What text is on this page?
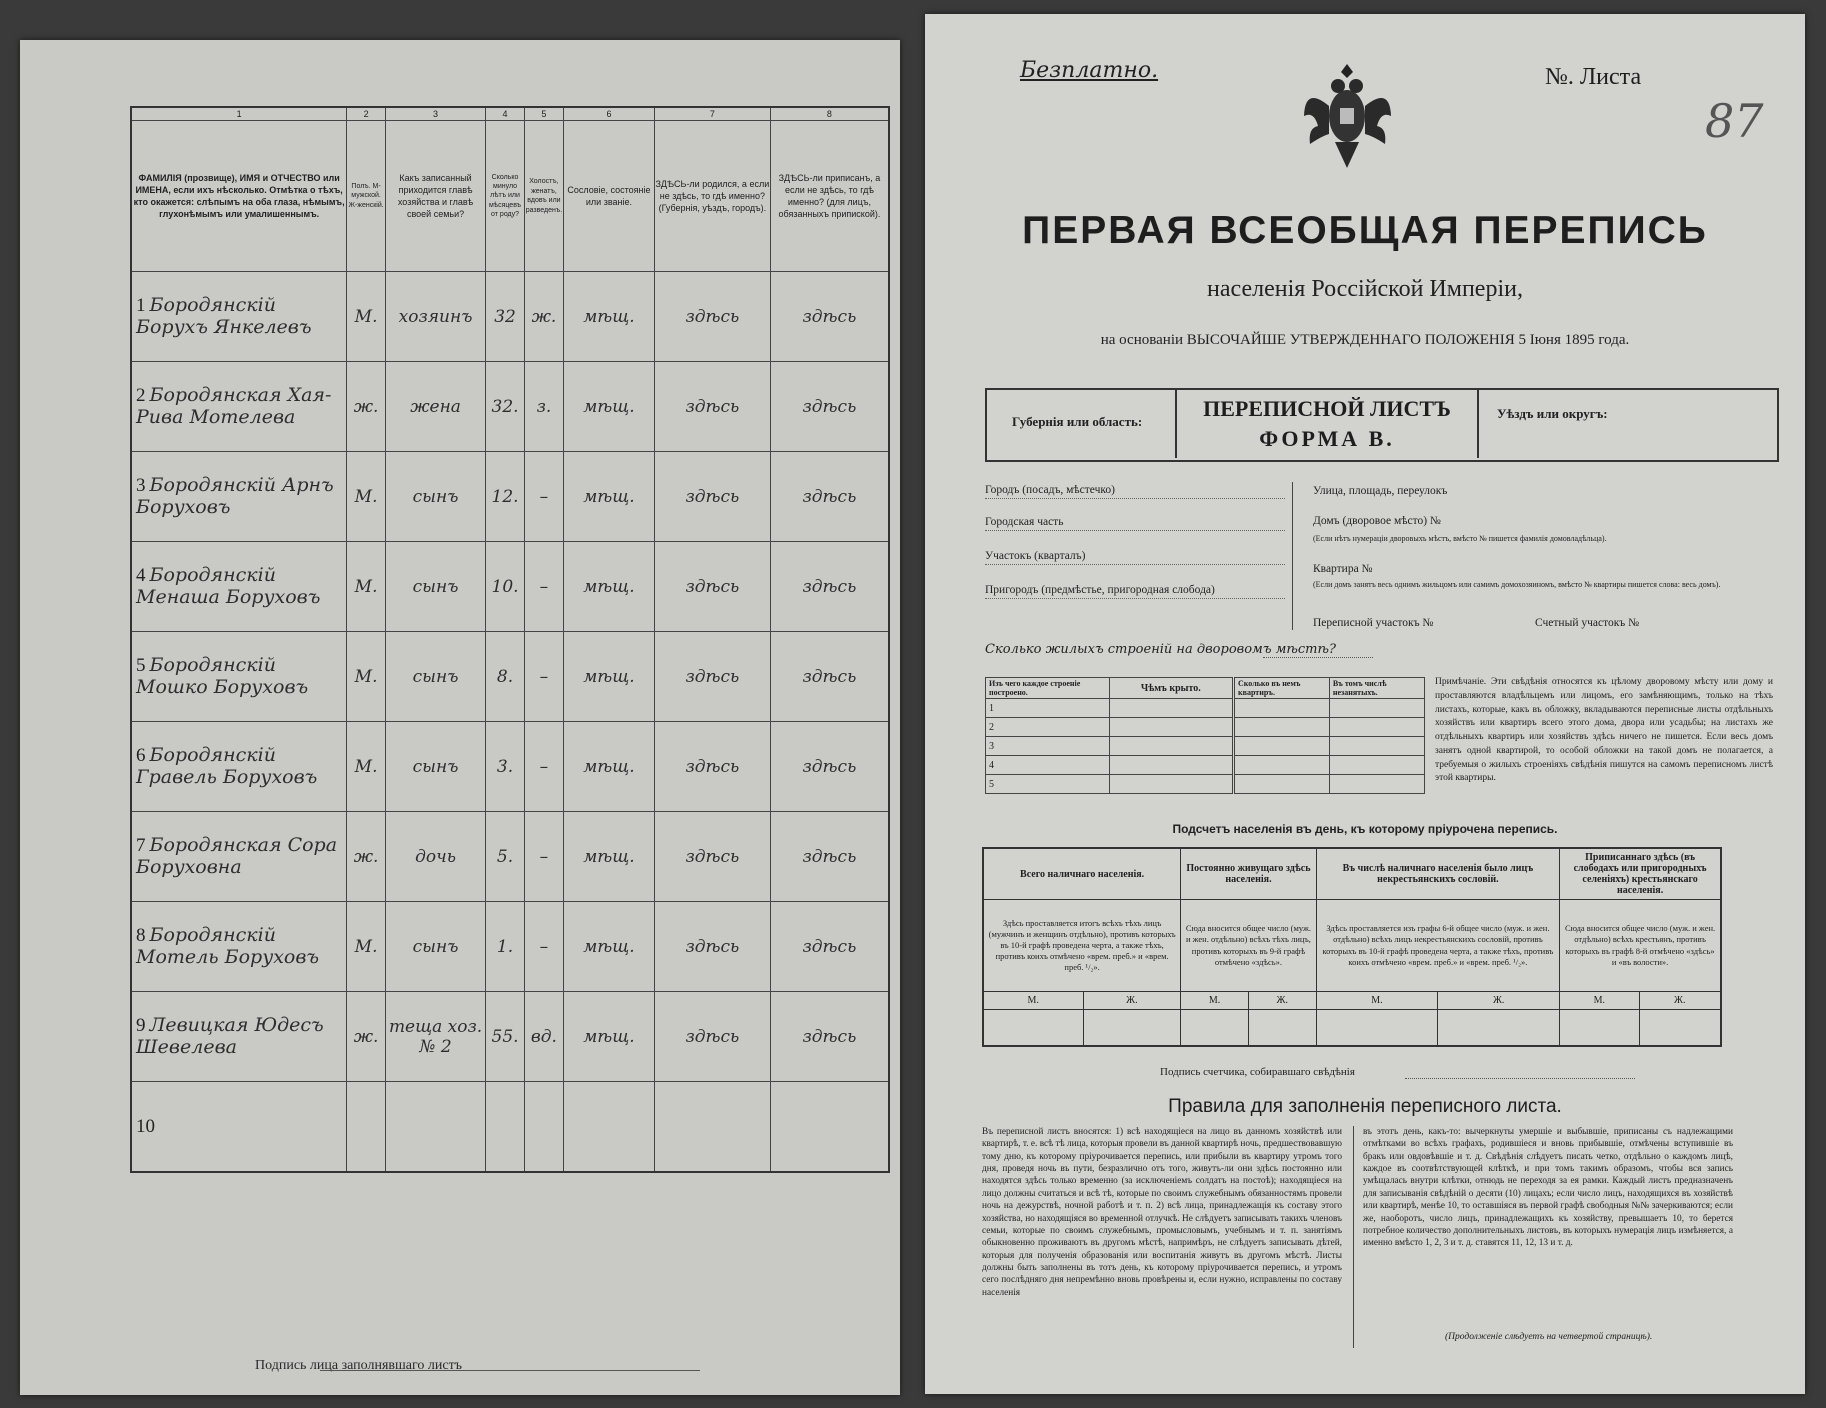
1	2	3	4	5	6	7	8
ФАМИЛІЯ (прозвище), ИМЯ и ОТЧЕСТВО или ИМЕНА, если ихъ нѣсколько. Отмѣтка о тѣхъ, кто окажется: слѣпымъ на оба глаза, нѣмымъ, глухонѣмымъ или умалишеннымъ.	Полъ. М-мужской. Ж-женскій.	Какъ записанный приходится главѣ хозяйства и главѣ своей семьи?	Сколько минуло лѣтъ или мѣсяцевъ от роду?	Холостъ, женатъ, вдовъ или разведенъ.	Сословіе, состояніе или званіе.	ЗДѢСЬ-ли родился, а если не здѣсь, то гдѣ именно? (Губернія, уѣздъ, городъ).	ЗДѢСЬ-ли приписанъ, а если не здѣсь, то гдѣ именно? (для лицъ, обязанныхъ припиской).
1 Бородянскій Борухъ Янкелевъ	М.	хозяинъ	32	ж.	мѣщ.	здѣсь	здѣсь
2 Бородянская Хая-Рива Мотелева	ж.	жена	32.	з.	мѣщ.	здѣсь	здѣсь
3 Бородянскій Арнъ Боруховъ	М.	сынъ	12.	–	мѣщ.	здѣсь	здѣсь
4 Бородянскій Менаша Боруховъ	М.	сынъ	10.	–	мѣщ.	здѣсь	здѣсь
5 Бородянскій Мошко Боруховъ	М.	сынъ	8.	–	мѣщ.	здѣсь	здѣсь
6 Бородянскій Гравель Боруховъ	М.	сынъ	3.	–	мѣщ.	здѣсь	здѣсь
7 Бородянская Сора Боруховна	ж.	дочь	5.	–	мѣщ.	здѣсь	здѣсь
8 Бородянскій Мотель Боруховъ	М.	сынъ	1.	–	мѣщ.	здѣсь	здѣсь
9 Левицкая Юдесъ Шевелева	ж.	теща хоз. № 2	55.	вд.	мѣщ.	здѣсь	здѣсь
10							
Подпись лица заполнявшаго листъ
Безплатно.	№. Листа
87
ПЕРВАЯ ВСЕОБЩАЯ ПЕРЕПИСЬ
населенія Россійской Имперіи,
на основаніи ВЫСОЧАЙШЕ УТВЕРЖДЕННАГО ПОЛОЖЕНІЯ 5 Іюня 1895 года.
Губернія или область:
ПЕРЕПИСНОЙ ЛИСТЪ
ФОРМА В.
Уѣздъ или округъ:
Городъ (посадъ, мѣстечко)
Городская часть
Участокъ (кварталъ)
Пригородъ (предмѣстье, пригородная слобода)
Улица, площадь, переулокъ
Домъ (дворовое мѣсто) №
(Если нѣтъ нумераціи дворовыхъ мѣстъ, вмѣсто № пишется фамилія домовладѣльца).
Квартира №
(Если домъ занятъ весь однимъ жильцомъ или самимъ домохозяиномъ, вмѣсто № квартиры пишется слова: весь домъ).
Переписной участокъ №	Счетный участокъ №
Сколько жилыхъ строеній на дворовомъ мѣстѣ?
Изъ чего каждое строеніе построено.	Чѣмъ крыто.	Сколько въ немъ квартиръ.	Въ томъ числѣ незанятыхъ.
1			
2			
3			
4			
5			
Примѣчаніе. Эти свѣдѣнія относятся къ цѣлому дворовому мѣсту или дому и проставляются владѣльцемъ или лицомъ, его замѣняющимъ, только на тѣхъ листахъ, которые, какъ въ обложку, вкладываются переписные листы отдѣльныхъ хозяйствъ или квартиръ всего этого дома, двора или усадьбы; на листахъ же отдѣльныхъ квартиръ или хозяйствъ здѣсь ничего не пишется. Если весь домъ занятъ одной квартирой, то особой обложки на такой домъ не полагается, а требуемыя о жилыхъ строеніяхъ свѣдѣнія пишутся на самомъ переписномъ листѣ этой квартиры.
Подсчетъ населенія въ день, къ которому пріурочена перепись.
Всего наличнаго населенія.		Постоянно живущаго здѣсь населенія.		Въ числѣ наличнаго населенія было лицъ некрестьянскихъ сословій.		Приписаннаго здѣсь (въ слободахъ или пригородныхъ селеніяхъ) крестьянскаго населенія.	
Здѣсь проставляется итогъ всѣхъ тѣхъ лицъ (мужчинъ и женщинъ отдѣльно), противъ которыхъ въ 10-й графѣ проведена черта, а также тѣхъ, противъ коихъ отмѣчено «врем. преб.» и «врем. преб. ¹/₂».		Сюда вносится общее число (муж. и жен. отдѣльно) всѣхъ тѣхъ лицъ, противъ которыхъ въ 9-й графѣ отмѣчено «здѣсь».		Здѣсь проставляется изъ графы 6-й общее число (муж. и жен. отдѣльно) всѣхъ лицъ некрестьянскихъ сословій, противъ которыхъ въ 10-й графѣ проведена черта, а также тѣхъ, противъ коихъ отмѣчено «врем. преб.» и «врем. преб. ¹/₂».		Сюда вносится общее число (муж. и жен. отдѣльно) всѣхъ крестьянъ, противъ которыхъ въ графѣ 8-й отмѣчено «здѣсь» и «въ волости».	
М.	Ж.	М.	Ж.	М.	Ж.	М.	Ж.

Подпись счетчика, собиравшаго свѣдѣнія
Правила для заполненія переписного листа.
Въ переписной листъ вносятся: 1) всѣ находящіеся на лицо въ данномъ хозяйствѣ или квартирѣ, т. е. всѣ тѣ лица, которыя провели въ данной квартирѣ ночь, предшествовавшую тому дню, къ которому пріурочивается перепись, или прибыли въ квартиру утромъ того дня, проведя ночь въ пути, безразлично отъ того, живутъ-ли они здѣсь постоянно или находятся здѣсь только временно (за исключеніемъ солдатъ на постоѣ); находящіеся на лицо должны считаться и всѣ тѣ, которые по своимъ служебнымъ обязанностямъ провели ночь на дежурствѣ, ночной работѣ и т. п. 2) всѣ лица, принадлежащія къ составу этого хозяйства, но находящіяся во временной отлучкѣ. Не слѣдуетъ записывать такихъ членовъ семьи, которые по своимъ служебнымъ, промысловымъ, учебнымъ и т. п. занятіямъ обыкновенно проживаютъ въ другомъ мѣстѣ, напримѣръ, не слѣдуетъ записывать дѣтей, которыя для полученія образованія или воспитанія живутъ въ другомъ мѣстѣ. Листы должны быть заполнены въ тотъ день, къ которому пріурочивается перепись, и утромъ сего послѣдняго дня непремѣнно вновь провѣрены и, если нужно, исправлены по составу населенія
въ этотъ день, какъ-то: вычеркнуты умершіе и выбывшіе, приписаны съ надлежащими отмѣтками во всѣхъ графахъ, родившіеся и вновь прибывшіе, отмѣчены вступившіе въ бракъ или овдовѣвшіе и т. д. Свѣдѣнія слѣдуетъ писать четко, отдѣльно о каждомъ лицѣ, каждое въ соотвѣтствующей клѣткѣ, и при томъ такимъ образомъ, чтобы вся запись умѣщалась внутри клѣтки, отнюдь не переходя за ея рамки. Каждый листъ предназначенъ для записыванія свѣдѣній о десяти (10) лицахъ; если число лицъ, находящихся въ хозяйствѣ или квартирѣ, менѣе 10, то оставшіяся въ первой графѣ свободныя №№ зачеркиваются; если же, наоборотъ, число лицъ, принадлежащихъ къ хозяйству, превышаетъ 10, то берется потребное количество дополнительныхъ листовъ, въ которыхъ нумерація лицъ измѣняется, а именно вмѣсто 1, 2, 3 и т. д. ставятся 11, 12, 13 и т. д.
(Продолженіе слѣдуетъ на четвертой страницѣ).
